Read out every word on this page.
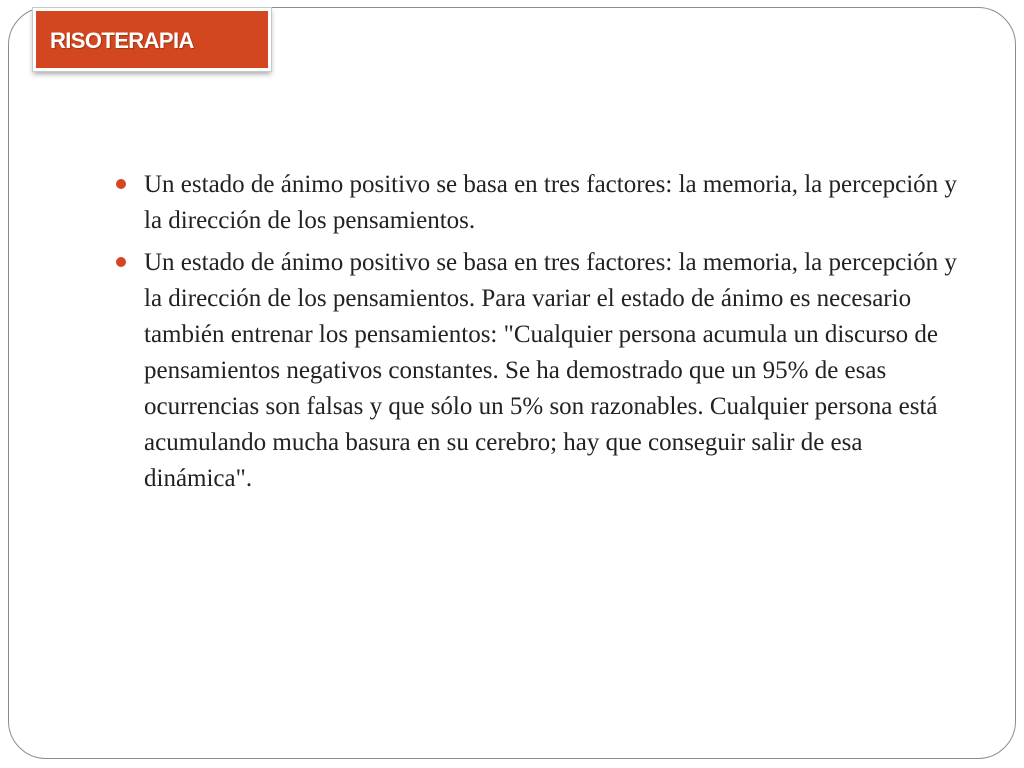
RISOTERAPIA
Un estado de ánimo positivo se basa en tres factores: la memoria, la percepción y la dirección de los pensamientos.
Un estado de ánimo positivo se basa en tres factores: la memoria, la percepción y la dirección de los pensamientos. Para variar el estado de ánimo es necesario también entrenar los pensamientos: "Cualquier persona acumula un discurso de pensamientos negativos constantes. Se ha demostrado que un 95% de esas ocurrencias son falsas y que sólo un 5% son razonables. Cualquier persona está acumulando mucha basura en su cerebro; hay que conseguir salir de esa dinámica".
